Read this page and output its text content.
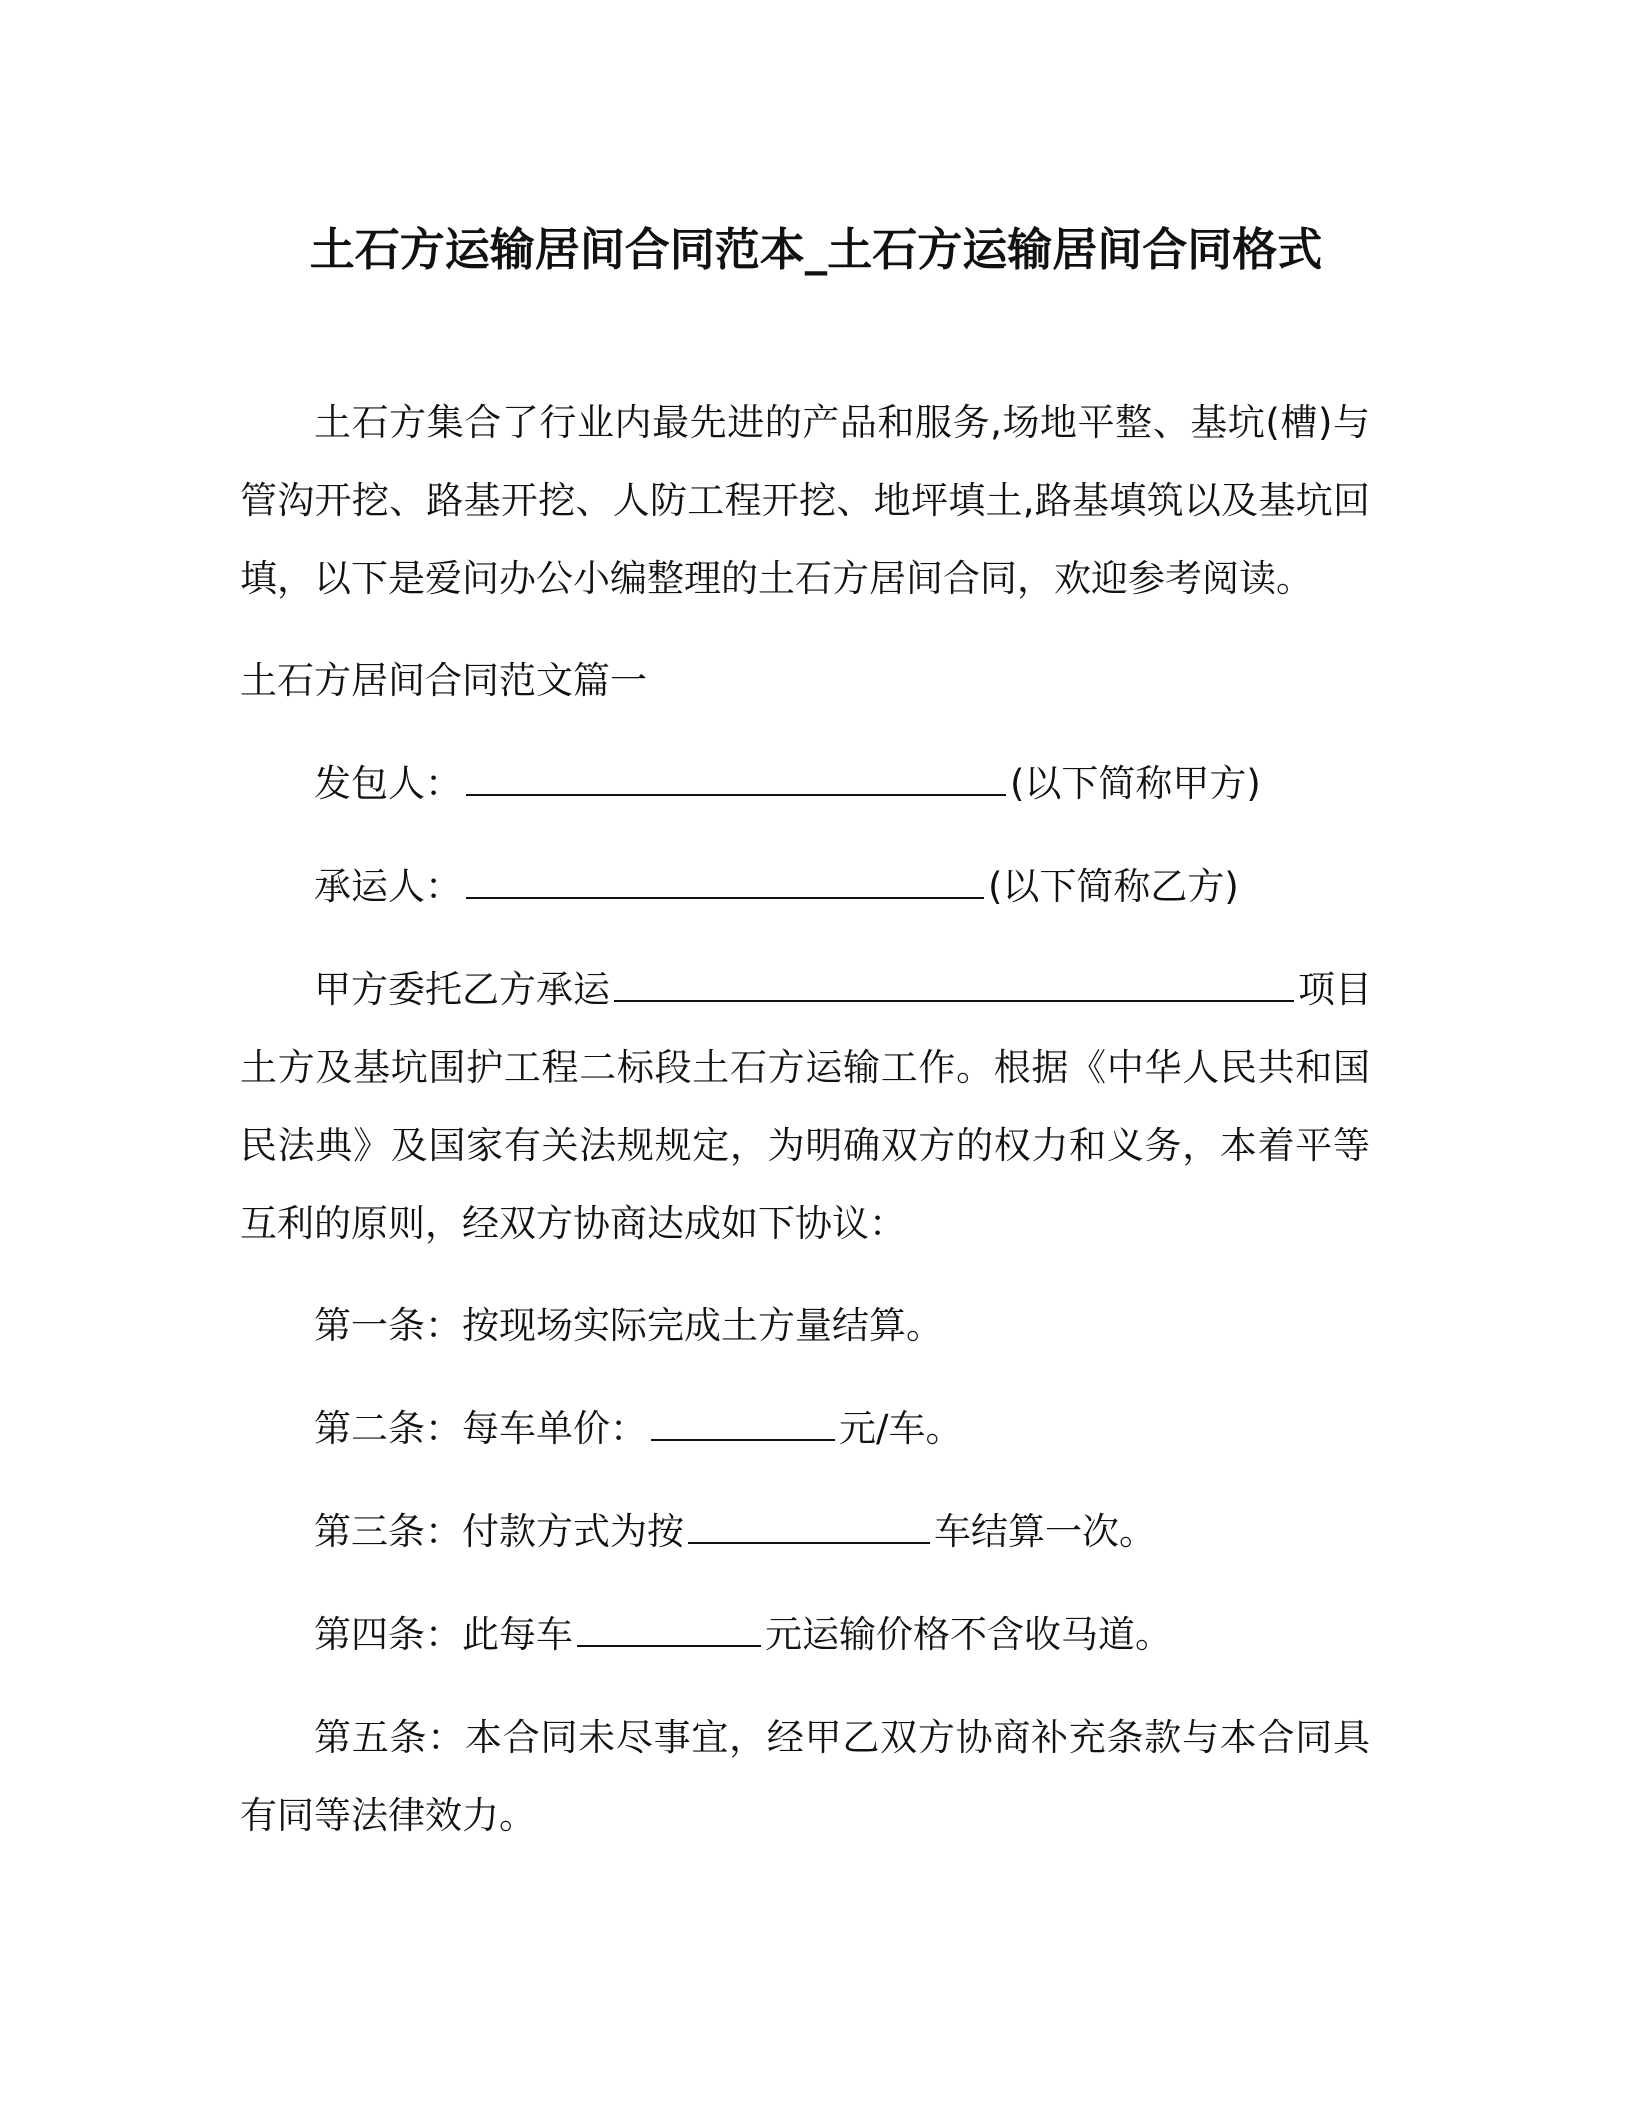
土石方运输居间合同范本_土石方运输居间合同格式

土石方集合了行业内最先进的产品和服务,场地平整、基坑(槽)与管沟开挖、路基开挖、人防工程开挖、地坪填土,路基填筑以及基坑回填，以下是爱问办公小编整理的土石方居间合同，欢迎参考阅读。

土石方居间合同范文篇一

发包人：	(以下简称甲方)

承运人：	(以下简称乙方)

甲方委托乙方承运	项目

土方及基坑围护工程二标段土石方运输工作。根据《中华人民共和国民法典》及国家有关法规规定，为明确双方的权力和义务，本着平等互利的原则，经双方协商达成如下协议：

第一条：按现场实际完成土方量结算。

第二条：每车单价：	元/车。

第三条：付款方式为按	车结算一次。

第四条：此每车	元运输价格不含收马道。

第五条：本合同未尽事宜，经甲乙双方协商补充条款与本合同具有同等法律效力。
